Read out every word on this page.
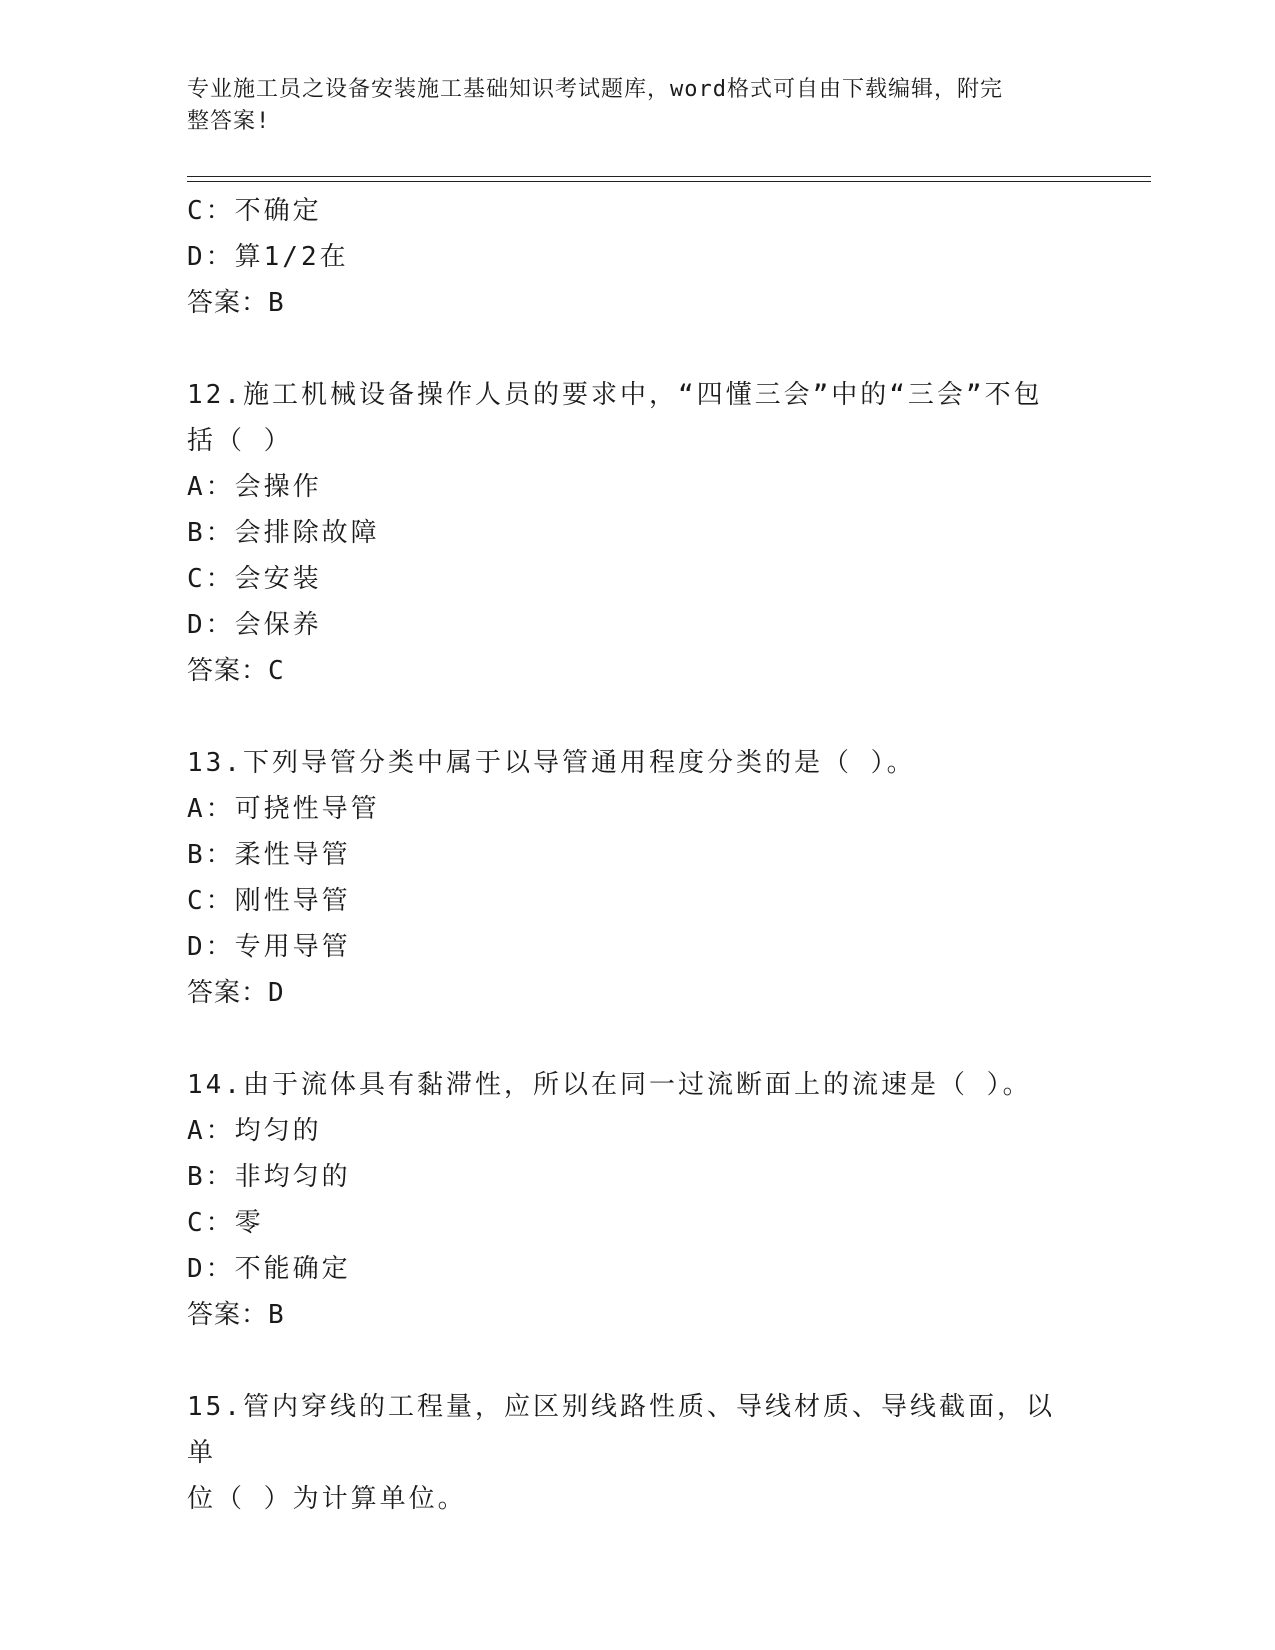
专业施工员之设备安装施工基础知识考试题库，word格式可自由下载编辑，附完
整答案!
C：不确定
D：算1/2在
答案：B
12.施工机械设备操作人员的要求中，“四懂三会”中的“三会”不包
括（ ）
A：会操作
B：会排除故障
C：会安装
D：会保养
答案：C
13.下列导管分类中属于以导管通用程度分类的是（ ）。
A：可挠性导管
B：柔性导管
C：刚性导管
D：专用导管
答案：D
14.由于流体具有黏滞性，所以在同一过流断面上的流速是（ ）。
A：均匀的
B：非均匀的
C：零
D：不能确定
答案：B
15.管内穿线的工程量，应区别线路性质、导线材质、导线截面，以单
位（ ）为计算单位。
